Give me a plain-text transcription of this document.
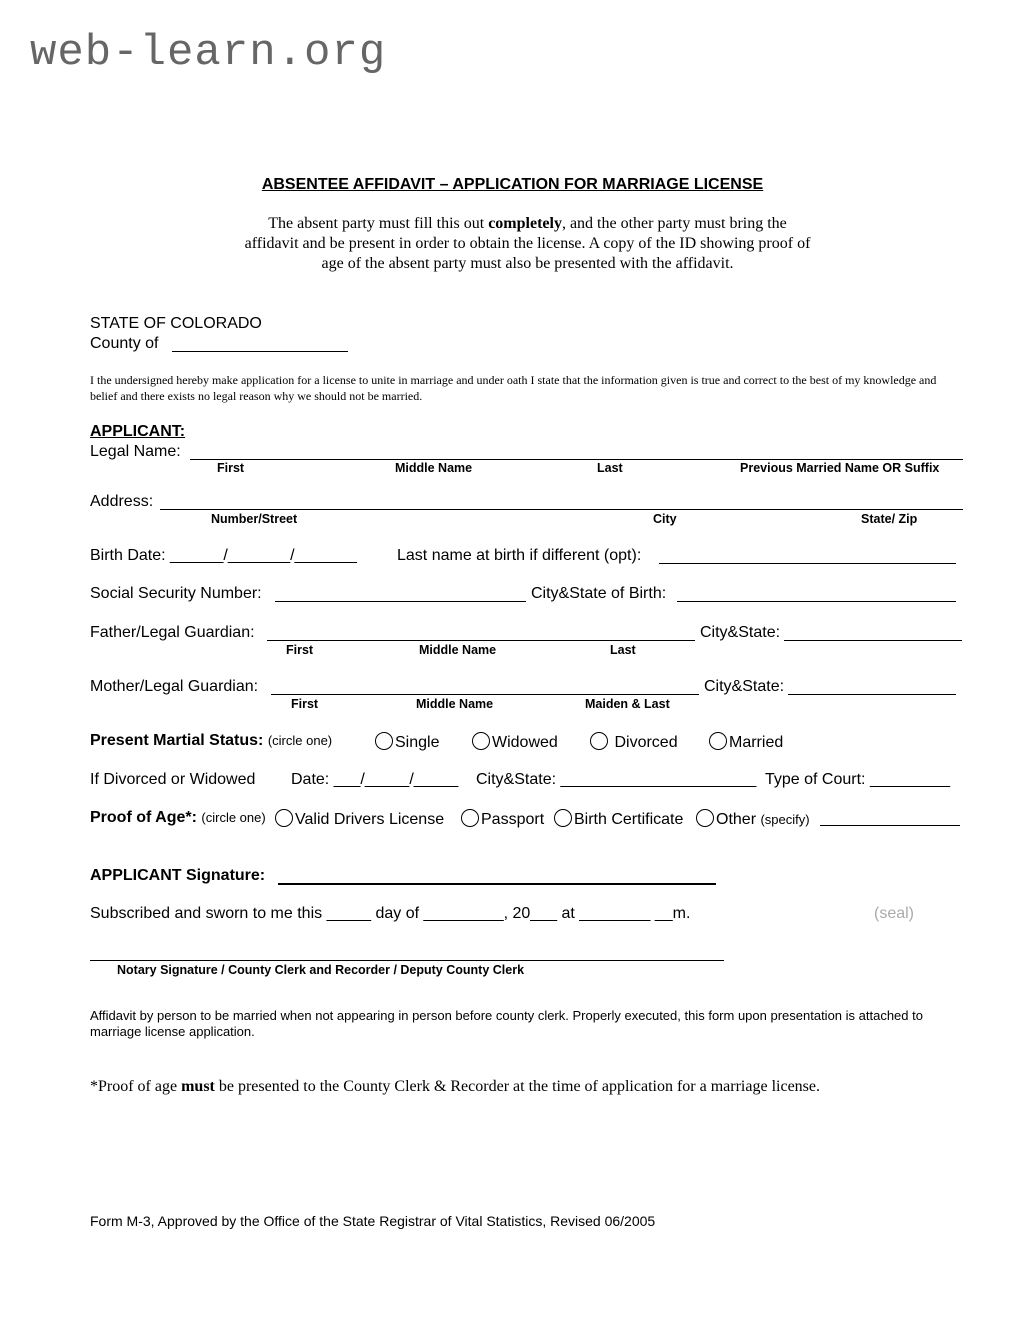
web-learn.org
ABSENTEE AFFIDAVIT – APPLICATION FOR MARRIAGE LICENSE
The absent party must fill this out completely, and the other party must bring the affidavit and be present in order to obtain the license. A copy of the ID showing proof of age of the absent party must also be presented with the affidavit.
STATE OF COLORADO
County of
I the undersigned hereby make application for a license to unite in marriage and under oath I state that the information given is true and correct to the best of my knowledge and belief and there exists no legal reason why we should not be married.
APPLICANT:
Legal Name:
First	Middle Name	Last	Previous Married Name OR Suffix
Address:
Number/Street	City	State/ Zip
Birth Date: ______/_______/_______	Last name at birth if different (opt):
Social Security Number:	City&State of Birth:
Father/Legal Guardian:	City&State:
First	Middle Name	Last
Mother/Legal Guardian:	City&State:
First	Middle Name	Maiden & Last
Present Martial Status: (circle one)	Single	Widowed	Divorced	Married
If Divorced or Widowed Date: ___/_____/_____ City&State: ______________________ Type of Court: _________
Proof of Age*: (circle one)	Valid Drivers License	Passport	Birth Certificate	Other (specify)
APPLICANT Signature:
Subscribed and sworn to me this _____ day of _________, 20___ at ________ __m.	(seal)
Notary Signature / County Clerk and Recorder / Deputy County Clerk
Affidavit by person to be married when not appearing in person before county clerk. Properly executed, this form upon presentation is attached to marriage license application.
*Proof of age must be presented to the County Clerk & Recorder at the time of application for a marriage license.
Form M-3, Approved by the Office of the State Registrar of Vital Statistics, Revised 06/2005
